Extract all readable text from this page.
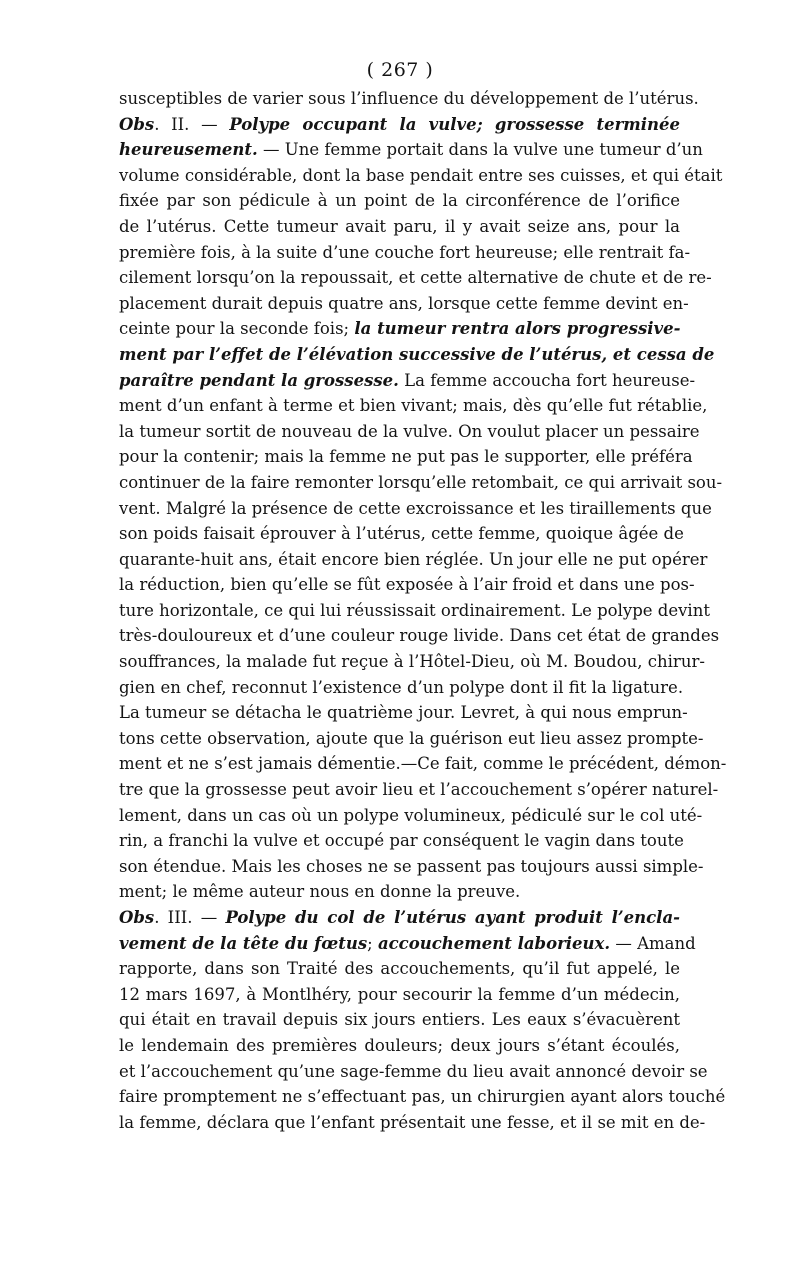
( 267 )
susceptibles de varier sous l’influence du développement de l’utérus.
Obs. II. — Polype occupant la vulve; grossesse terminée
heureusement. — Une femme portait dans la vulve une tumeur d’un
volume considérable, dont la base pendait entre ses cuisses, et qui était
fixée par son pédicule à un point de la circonférence de l’orifice
de l’utérus. Cette tumeur avait paru, il y avait seize ans, pour la
première fois, à la suite d’une couche fort heureuse; elle rentrait fa-
cilement lorsqu’on la repoussait, et cette alternative de chute et de re-
placement durait depuis quatre ans, lorsque cette femme devint en-
ceinte pour la seconde fois; la tumeur rentra alors progressive-
ment par l’effet de l’élévation successive de l’utérus, et cessa de
paraître pendant la grossesse. La femme accoucha fort heureuse-
ment d’un enfant à terme et bien vivant; mais, dès qu’elle fut rétablie,
la tumeur sortit de nouveau de la vulve. On voulut placer un pessaire
pour la contenir; mais la femme ne put pas le supporter, elle préféra
continuer de la faire remonter lorsqu’elle retombait, ce qui arrivait sou-
vent. Malgré la présence de cette excroissance et les tiraillements que
son poids faisait éprouver à l’utérus, cette femme, quoique âgée de
quarante-huit ans, était encore bien réglée. Un jour elle ne put opérer
la réduction, bien qu’elle se fût exposée à l’air froid et dans une pos-
ture horizontale, ce qui lui réussissait ordinairement. Le polype devint
très-douloureux et d’une couleur rouge livide. Dans cet état de grandes
souffrances, la malade fut reçue à l’Hôtel-Dieu, où M. Boudou, chirur-
gien en chef, reconnut l’existence d’un polype dont il fit la ligature.
La tumeur se détacha le quatrième jour. Levret, à qui nous emprun-
tons cette observation, ajoute que la guérison eut lieu assez prompte-
ment et ne s’est jamais démentie.—Ce fait, comme le précédent, démon-
tre que la grossesse peut avoir lieu et l’accouchement s’opérer naturel-
lement, dans un cas où un polype volumineux, pédiculé sur le col uté-
rin, a franchi la vulve et occupé par conséquent le vagin dans toute
son étendue. Mais les choses ne se passent pas toujours aussi simple-
ment; le même auteur nous en donne la preuve.
Obs. III. — Polype du col de l’utérus ayant produit l’encla-
vement de la tête du fœtus; accouchement laborieux. — Amand
rapporte, dans son Traité des accouchements, qu’il fut appelé, le
12 mars 1697, à Montlhéry, pour secourir la femme d’un médecin,
qui était en travail depuis six jours entiers. Les eaux s’évacuèrent
le lendemain des premières douleurs; deux jours s’étant écoulés,
et l’accouchement qu’une sage-femme du lieu avait annoncé devoir se
faire promptement ne s’effectuant pas, un chirurgien ayant alors touché
la femme, déclara que l’enfant présentait une fesse, et il se mit en de-
